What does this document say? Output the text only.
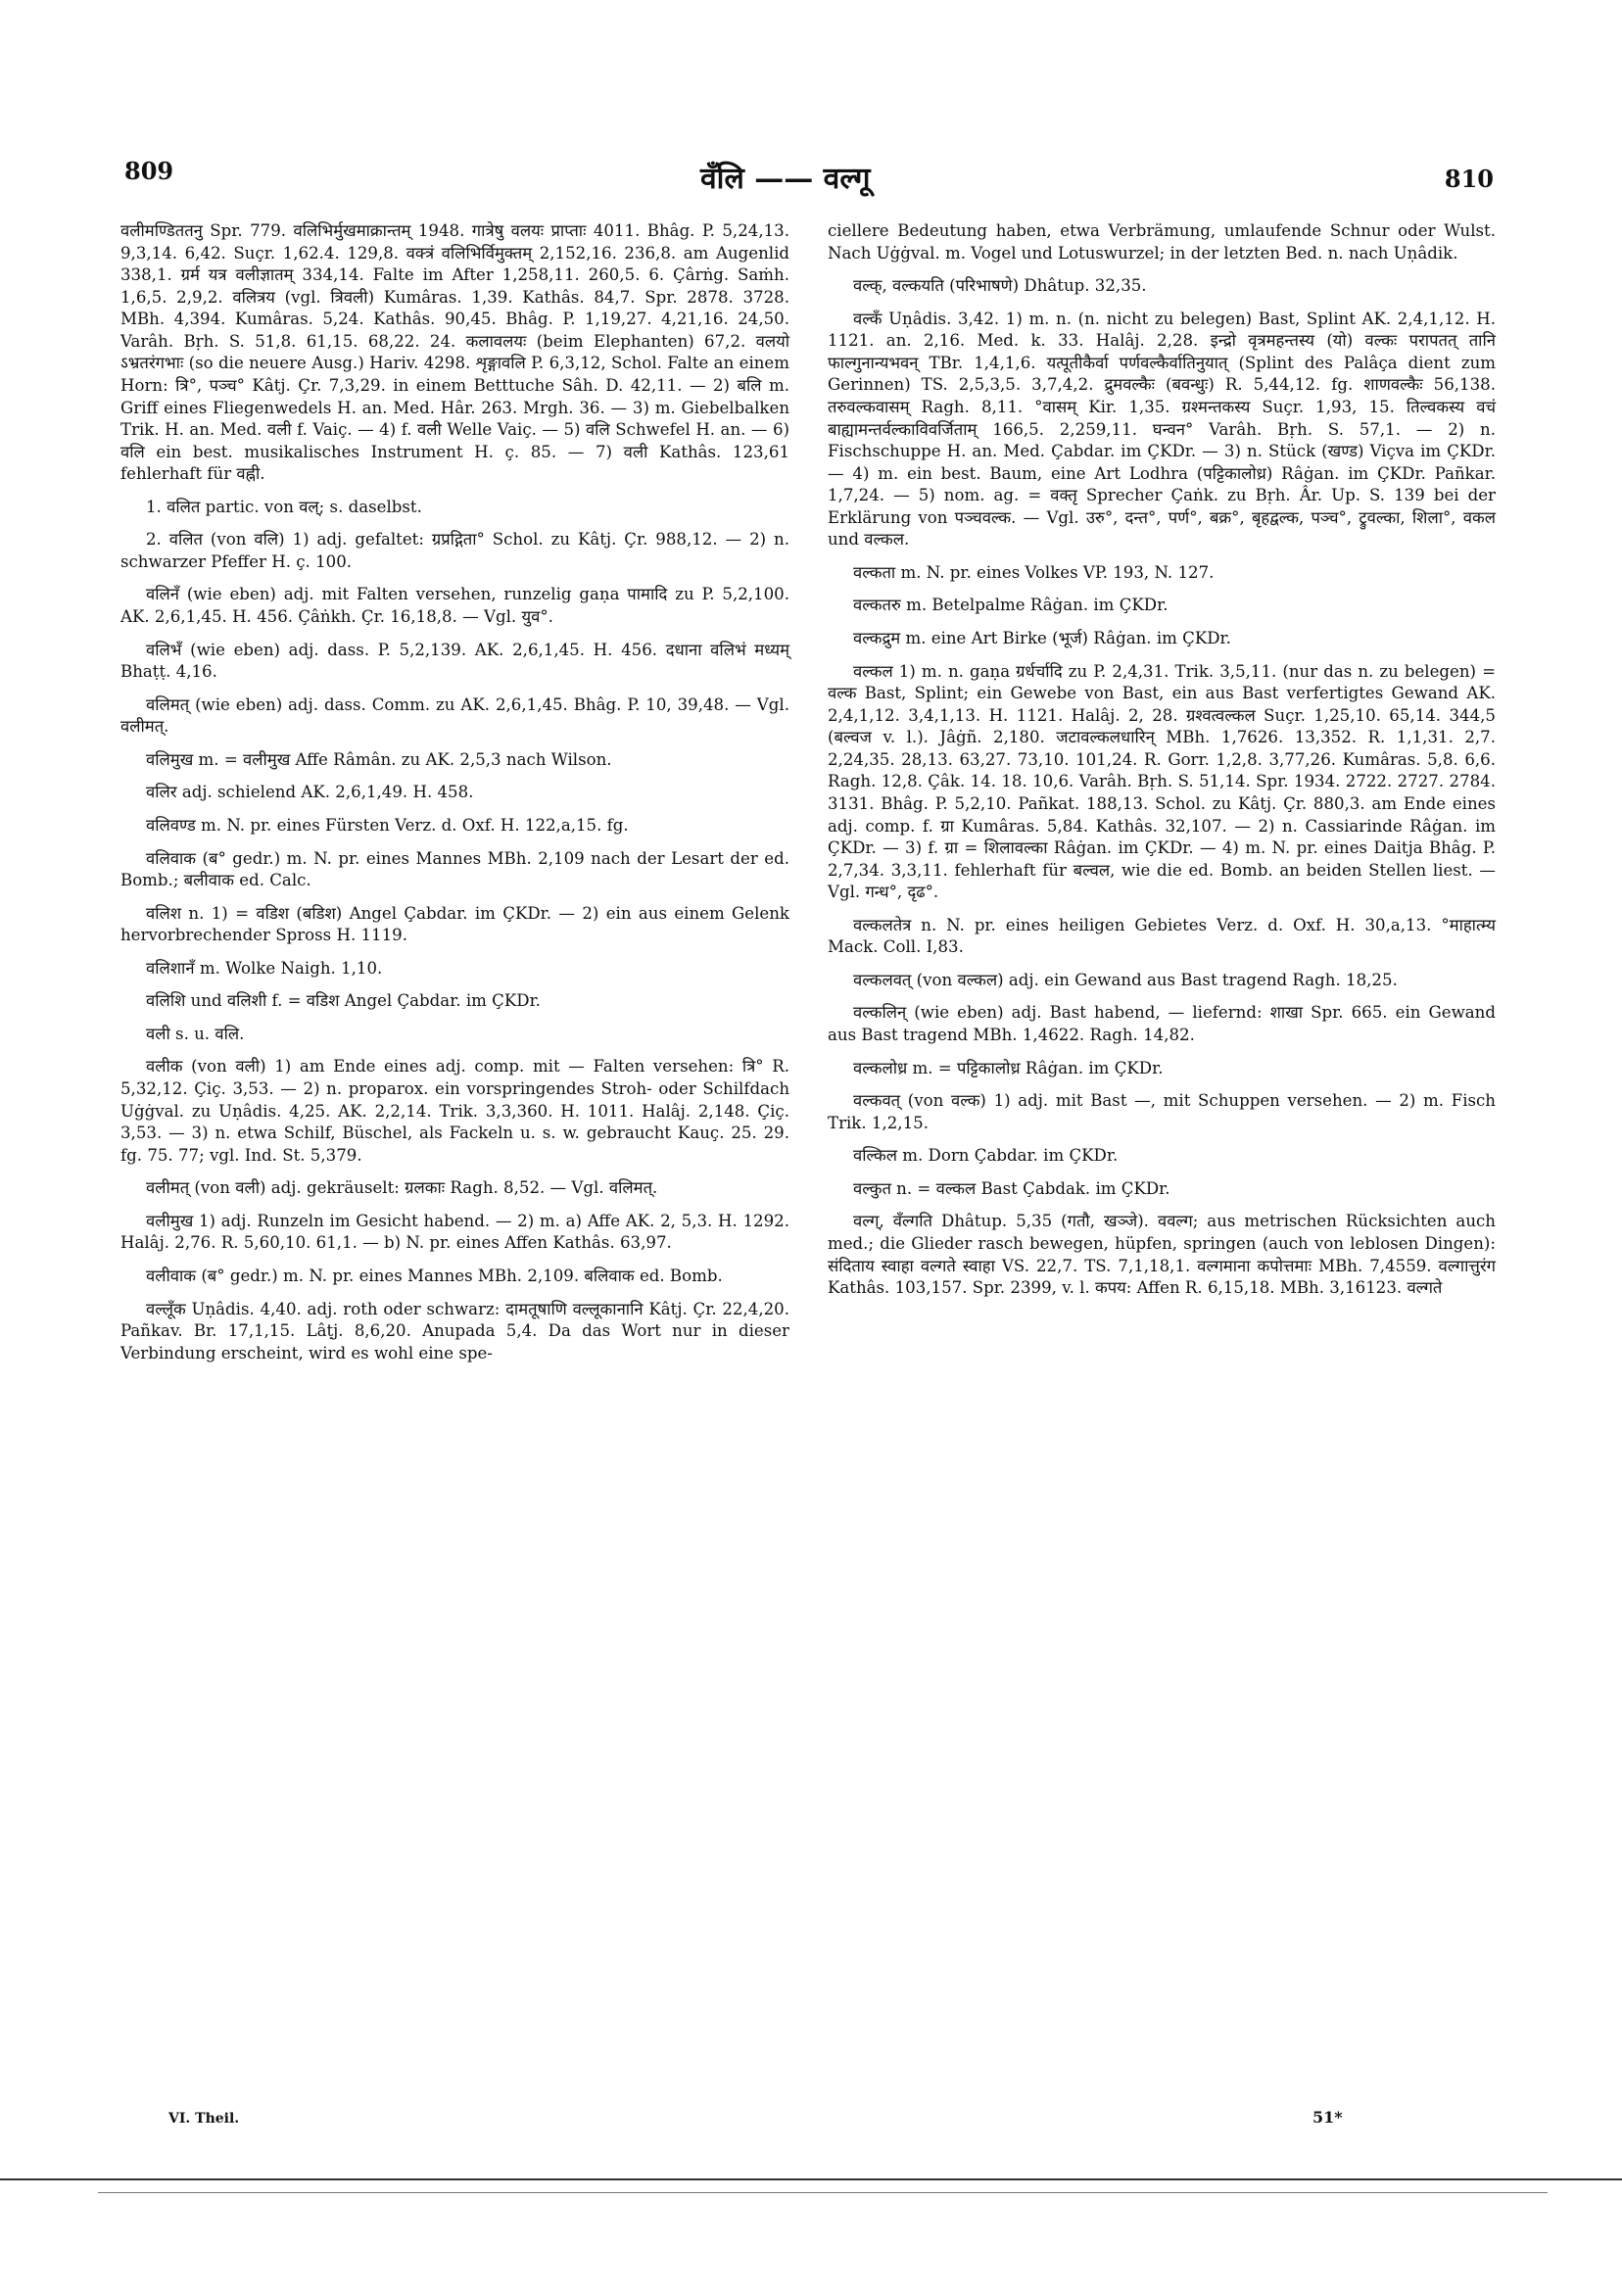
809	वँलि —— वल्गू	810

वलीमण्डिततनु Spr. 779. वलिभिर्मुखमाक्रान्तम् 1948. गात्रेषु वलयः प्राप्ताः 4011. Bhâg. P. 5,24,13. 9,3,14. 6,42. Suçr. 1,62.4. 129,8. वक्त्रं वलिभिर्विमुक्तम् 2,152,16. 236,8. am Augenlid 338,1. ग्रर्म यत्र वलीज्ञातम् 334,14. Falte im After 1,258,11. 260,5. 6. Çârṅg. Saṁh. 1,6,5. 2,9,2. वलित्रय (vgl. त्रिवली) Kumâras. 1,39. Kathâs. 84,7. Spr. 2878. 3728. MBh. 4,394. Kumâras. 5,24. Kathâs. 90,45. Bhâg. P. 1,19,27. 4,21,16. 24,50. Varâh. Bṛh. S. 51,8. 61,15. 68,22. 24. कलावलयः (beim Elephanten) 67,2. वलयो ऽभ्रतरंगभाः (so die neuere Ausg.) Hariv. 4298. शृङ्गावलि P. 6,3,12, Schol. Falte an einem Horn: त्रि°, पञ्च° Kâtj. Çr. 7,3,29. in einem Betttuche Sâh. D. 42,11. — 2) बलि m. Griff eines Fliegenwedels H. an. Med. Hâr. 263. Mrgh. 36. — 3) m. Giebelbalken Trik. H. an. Med. वली f. Vaiç. — 4) f. वली Welle Vaiç. — 5) वलि Schwefel H. an. — 6) वलि ein best. musikalisches Instrument H. ç. 85. — 7) वली Kathâs. 123,61 fehlerhaft für वह्नी.

1. वलित partic. von वल्; s. daselbst.

2. वलित (von वलि) 1) adj. gefaltet: ग्रप्रद्गिता° Schol. zu Kâtj. Çr. 988,12. — 2) n. schwarzer Pfeffer H. ç. 100.

वलिनँ (wie eben) adj. mit Falten versehen, runzelig gaṇa पामादि zu P. 5,2,100. AK. 2,6,1,45. H. 456. Çâṅkh. Çr. 16,18,8. — Vgl. युव°.

वलिभँ (wie eben) adj. dass. P. 5,2,139. AK. 2,6,1,45. H. 456. दधाना वलिभं मध्यम् Bhaṭṭ. 4,16.

वलिमत् (wie eben) adj. dass. Comm. zu AK. 2,6,1,45. Bhâg. P. 10, 39,48. — Vgl. वलीमत्.

वलिमुख m. = वलीमुख Affe Râmân. zu AK. 2,5,3 nach Wilson.

वलिर adj. schielend AK. 2,6,1,49. H. 458.

वलिवण्ड m. N. pr. eines Fürsten Verz. d. Oxf. H. 122,a,15. fg.

वलिवाक (ब° gedr.) m. N. pr. eines Mannes MBh. 2,109 nach der Lesart der ed. Bomb.; बलीवाक ed. Calc.

वलिश n. 1) = वडिश (बडिश) Angel Çabdar. im ÇKDr. — 2) ein aus einem Gelenk hervorbrechender Spross H. 1119.

वलिशानँ m. Wolke Naigh. 1,10.

वलिशि und वलिशी f. = वडिश Angel Çabdar. im ÇKDr.

वली s. u. वलि.

वलीक (von वली) 1) am Ende eines adj. comp. mit — Falten versehen: त्रि° R. 5,32,12. Çiç. 3,53. — 2) n. proparox. ein vorspringendes Stroh- oder Schilfdach Uġġval. zu Uṇâdis. 4,25. AK. 2,2,14. Trik. 3,3,360. H. 1011. Halâj. 2,148. Çiç. 3,53. — 3) n. etwa Schilf, Büschel, als Fackeln u. s. w. gebraucht Kauç. 25. 29. fg. 75. 77; vgl. Ind. St. 5,379.

वलीमत् (von वली) adj. gekräuselt: ग्रलकाः Ragh. 8,52. — Vgl. वलिमत्.

वलीमुख 1) adj. Runzeln im Gesicht habend. — 2) m. a) Affe AK. 2, 5,3. H. 1292. Halâj. 2,76. R. 5,60,10. 61,1. — b) N. pr. eines Affen Kathâs. 63,97.

वलीवाक (ब° gedr.) m. N. pr. eines Mannes MBh. 2,109. बलिवाक ed. Bomb.

वल्लूँक Uṇâdis. 4,40. adj. roth oder schwarz: दामतूषाणि वल्लूकानानि Kâtj. Çr. 22,4,20. Pañkav. Br. 17,1,15. Lâṭj. 8,6,20. Anupada 5,4. Da das Wort nur in dieser Verbindung erscheint, wird es wohl eine spe-

ciellere Bedeutung haben, etwa Verbrämung, umlaufende Schnur oder Wulst. Nach Uġġval. m. Vogel und Lotuswurzel; in der letzten Bed. n. nach Uṇâdik.

वल्क्, वल्कयति (परिभाषणे) Dhâtup. 32,35.

वल्कँ Uṇâdis. 3,42. 1) m. n. (n. nicht zu belegen) Bast, Splint AK. 2,4,1,12. H. 1121. an. 2,16. Med. k. 33. Halâj. 2,28. इन्द्रो वृत्रमहन्तस्य (यो) वल्कः परापतत् तानि फाल्गुनान्यभवन् TBr. 1,4,1,6. यत्पूतीकैर्वा पर्णवल्कैर्वातिनुयात् (Splint des Palâça dient zum Gerinnen) TS. 2,5,3,5. 3,7,4,2. द्रुमवल्कैः (बवन्धुः) R. 5,44,12. fg. शाणवल्कैः 56,138. तरुवल्कवासम् Ragh. 8,11. °वासम् Kir. 1,35. ग्रश्मन्तकस्य Suçr. 1,93, 15. तिल्वकस्य वचं बाह्यामन्तर्वल्काविवर्जिताम् 166,5. 2,259,11. घन्वन° Varâh. Bṛh. S. 57,1. — 2) n. Fischschuppe H. an. Med. Çabdar. im ÇKDr. — 3) n. Stück (खण्ड) Viçva im ÇKDr. — 4) m. ein best. Baum, eine Art Lodhra (पट्टिकालोध्र) Râġan. im ÇKDr. Pañkar. 1,7,24. — 5) nom. ag. = वक्तृ Sprecher Çaṅk. zu Bṛh. Âr. Up. S. 139 bei der Erklärung von पञ्चवल्क. — Vgl. उरु°, दन्त°, पर्ण°, बक्र°, बृहद्वल्क, पञ्च°, ट्रुवल्का, शिला°, वकल und वल्कल.

वल्कता m. N. pr. eines Volkes VP. 193, N. 127.

वल्कतरु m. Betelpalme Râġan. im ÇKDr.

वल्कद्रुम m. eine Art Birke (भूर्ज) Râġan. im ÇKDr.

वल्कल 1) m. n. gaṇa ग्रर्धर्चादि zu P. 2,4,31. Trik. 3,5,11. (nur das n. zu belegen) = वल्क Bast, Splint; ein Gewebe von Bast, ein aus Bast verfertigtes Gewand AK. 2,4,1,12. 3,4,1,13. H. 1121. Halâj. 2, 28. ग्रश्वत्वल्कल Suçr. 1,25,10. 65,14. 344,5 (बल्वज v. l.). Jâġñ. 2,180. जटावल्कलधारिन् MBh. 1,7626. 13,352. R. 1,1,31. 2,7. 2,24,35. 28,13. 63,27. 73,10. 101,24. R. Gorr. 1,2,8. 3,77,26. Kumâras. 5,8. 6,6. Ragh. 12,8. Çâk. 14. 18. 10,6. Varâh. Bṛh. S. 51,14. Spr. 1934. 2722. 2727. 2784. 3131. Bhâg. P. 5,2,10. Pañkat. 188,13. Schol. zu Kâtj. Çr. 880,3. am Ende eines adj. comp. f. ग्रा Kumâras. 5,84. Kathâs. 32,107. — 2) n. Cassiarinde Râġan. im ÇKDr. — 3) f. ग्रा = शिलावल्का Râġan. im ÇKDr. — 4) m. N. pr. eines Daitja Bhâg. P. 2,7,34. 3,3,11. fehlerhaft für बल्वल, wie die ed. Bomb. an beiden Stellen liest. — Vgl. गन्ध°, दृढ°.

वल्कलतेत्र n. N. pr. eines heiligen Gebietes Verz. d. Oxf. H. 30,a,13. °माहात्म्य Mack. Coll. I,83.

वल्कलवत् (von वल्कल) adj. ein Gewand aus Bast tragend Ragh. 18,25.

वल्कलिन् (wie eben) adj. Bast habend, — liefernd: शाखा Spr. 665. ein Gewand aus Bast tragend MBh. 1,4622. Ragh. 14,82.

वल्कलोध्र m. = पट्टिकालोध्र Râġan. im ÇKDr.

वल्कवत् (von वल्क) 1) adj. mit Bast —, mit Schuppen versehen. — 2) m. Fisch Trik. 1,2,15.

वल्किल m. Dorn Çabdar. im ÇKDr.

वल्कुत n. = वल्कल Bast Çabdak. im ÇKDr.

वल्ग्, वँल्गति Dhâtup. 5,35 (गतौ, खञ्जे). ववल्ग; aus metrischen Rücksichten auch med.; die Glieder rasch bewegen, hüpfen, springen (auch von leblosen Dingen): संदिताय स्वाहा वल्गते स्वाहा VS. 22,7. TS. 7,1,18,1. वल्गमाना कपोत्तमाः MBh. 7,4559. वल्गात्तुरंग Kathâs. 103,157. Spr. 2399, v. l. कपय: Affen R. 6,15,18. MBh. 3,16123. वल्गते

VI. Theil.	51*
